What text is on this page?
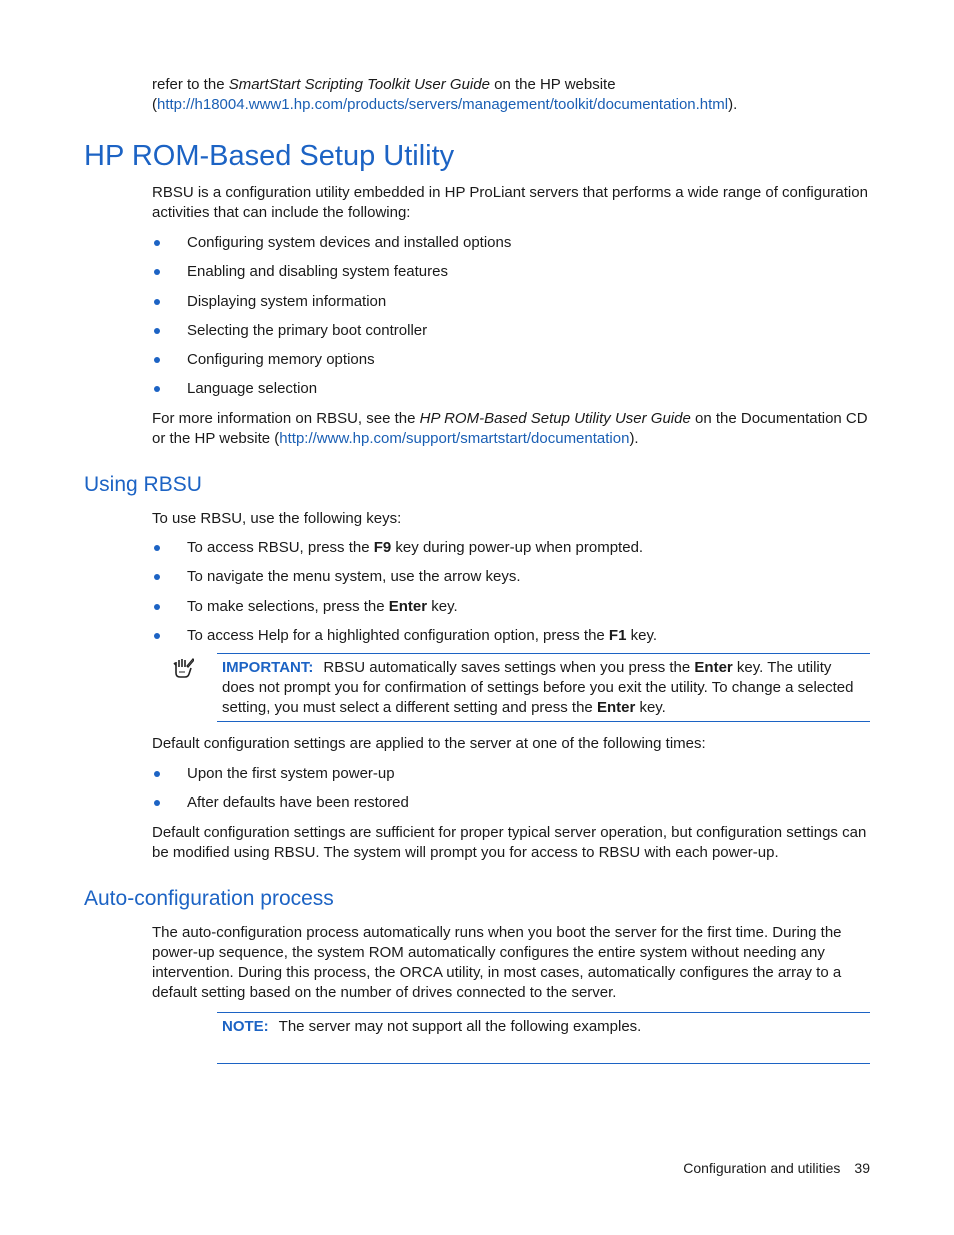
refer to the SmartStart Scripting Toolkit User Guide on the HP website
(http://h18004.www1.hp.com/products/servers/management/toolkit/documentation.html).

HP ROM-Based Setup Utility

RBSU is a configuration utility embedded in HP ProLiant servers that performs a wide range of configuration activities that can include the following:

Configuring system devices and installed options
Enabling and disabling system features
Displaying system information
Selecting the primary boot controller
Configuring memory options
Language selection

For more information on RBSU, see the HP ROM-Based Setup Utility User Guide on the Documentation CD or the HP website (http://www.hp.com/support/smartstart/documentation).

Using RBSU

To use RBSU, use the following keys:

To access RBSU, press the F9 key during power-up when prompted.
To navigate the menu system, use the arrow keys.
To make selections, press the Enter key.
To access Help for a highlighted configuration option, press the F1 key.
IMPORTANT: RBSU automatically saves settings when you press the Enter key. The utility does not prompt you for confirmation of settings before you exit the utility. To change a selected setting, you must select a different setting and press the Enter key.

Default configuration settings are applied to the server at one of the following times:

Upon the first system power-up
After defaults have been restored

Default configuration settings are sufficient for proper typical server operation, but configuration settings can be modified using RBSU. The system will prompt you for access to RBSU with each power-up.

Auto-configuration process

The auto-configuration process automatically runs when you boot the server for the first time. During the power-up sequence, the system ROM automatically configures the entire system without needing any intervention. During this process, the ORCA utility, in most cases, automatically configures the array to a default setting based on the number of drives connected to the server.

NOTE: The server may not support all the following examples.
Configuration and utilities 39
